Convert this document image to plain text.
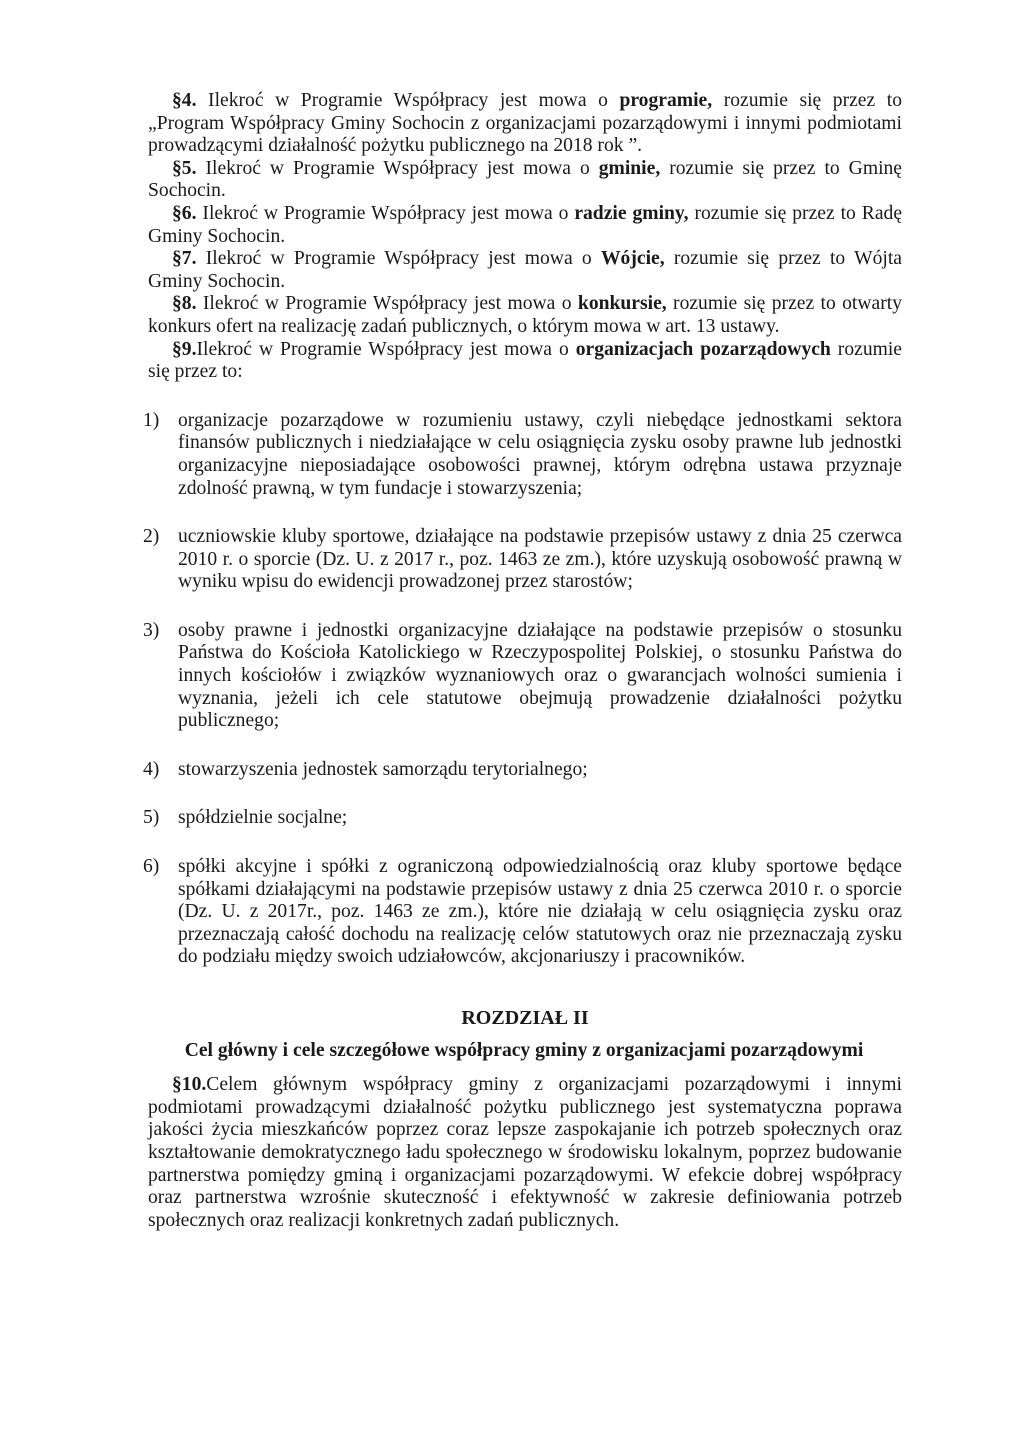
§4. Ilekroć w Programie Współpracy jest mowa o programie, rozumie się przez to „Program Współpracy Gminy Sochocin z organizacjami pozarządowymi i innymi podmiotami prowadzącymi działalność pożytku publicznego na 2018 rok ”.

§5. Ilekroć w Programie Współpracy jest mowa o gminie, rozumie się przez to Gminę Sochocin.

§6. Ilekroć w Programie Współpracy jest mowa o radzie gminy, rozumie się przez to Radę Gminy Sochocin.

§7. Ilekroć w Programie Współpracy jest mowa o Wójcie, rozumie się przez to Wójta Gminy Sochocin.

§8. Ilekroć w Programie Współpracy jest mowa o konkursie, rozumie się przez to otwarty konkurs ofert na realizację zadań publicznych, o którym mowa w art. 13 ustawy.

§9.Ilekroć w Programie Współpracy jest mowa o organizacjach pozarządowych rozumie się przez to:

1) organizacje pozarządowe w rozumieniu ustawy, czyli niebędące jednostkami sektora finansów publicznych i niedziałające w celu osiągnięcia zysku osoby prawne lub jednostki organizacyjne nieposiadające osobowości prawnej, którym odrębna ustawa przyznaje zdolność prawną, w tym fundacje i stowarzyszenia;
2) uczniowskie kluby sportowe, działające na podstawie przepisów ustawy z dnia 25 czerwca 2010 r. o sporcie (Dz. U. z 2017 r., poz. 1463 ze zm.), które uzyskują osobowość prawną w wyniku wpisu do ewidencji prowadzonej przez starostów;
3) osoby prawne i jednostki organizacyjne działające na podstawie przepisów o stosunku Państwa do Kościoła Katolickiego w Rzeczypospolitej Polskiej, o stosunku Państwa do innych kościołów i związków wyznaniowych oraz o gwarancjach wolności sumienia i wyznania, jeżeli ich cele statutowe obejmują prowadzenie działalności pożytku publicznego;
4) stowarzyszenia jednostek samorządu terytorialnego;
5) spółdzielnie socjalne;
6) spółki akcyjne i spółki z ograniczoną odpowiedzialnością oraz kluby sportowe będące spółkami działającymi na podstawie przepisów ustawy z dnia 25 czerwca 2010 r. o sporcie (Dz. U. z 2017r., poz. 1463 ze zm.), które nie działają w celu osiągnięcia zysku oraz przeznaczają całość dochodu na realizację celów statutowych oraz nie przeznaczają zysku do podziału między swoich udziałowców, akcjonariuszy i pracowników.
ROZDZIAŁ II
Cel główny i cele szczegółowe współpracy gminy z organizacjami pozarządowymi

§10.Celem głównym współpracy gminy z organizacjami pozarządowymi i innymi podmiotami prowadzącymi działalność pożytku publicznego jest systematyczna poprawa jakości życia mieszkańców poprzez coraz lepsze zaspokajanie ich potrzeb społecznych oraz kształtowanie demokratycznego ładu społecznego w środowisku lokalnym, poprzez budowanie partnerstwa pomiędzy gminą i organizacjami pozarządowymi. W efekcie dobrej współpracy oraz partnerstwa wzrośnie skuteczność i efektywność w zakresie definiowania potrzeb społecznych oraz realizacji konkretnych zadań publicznych.
